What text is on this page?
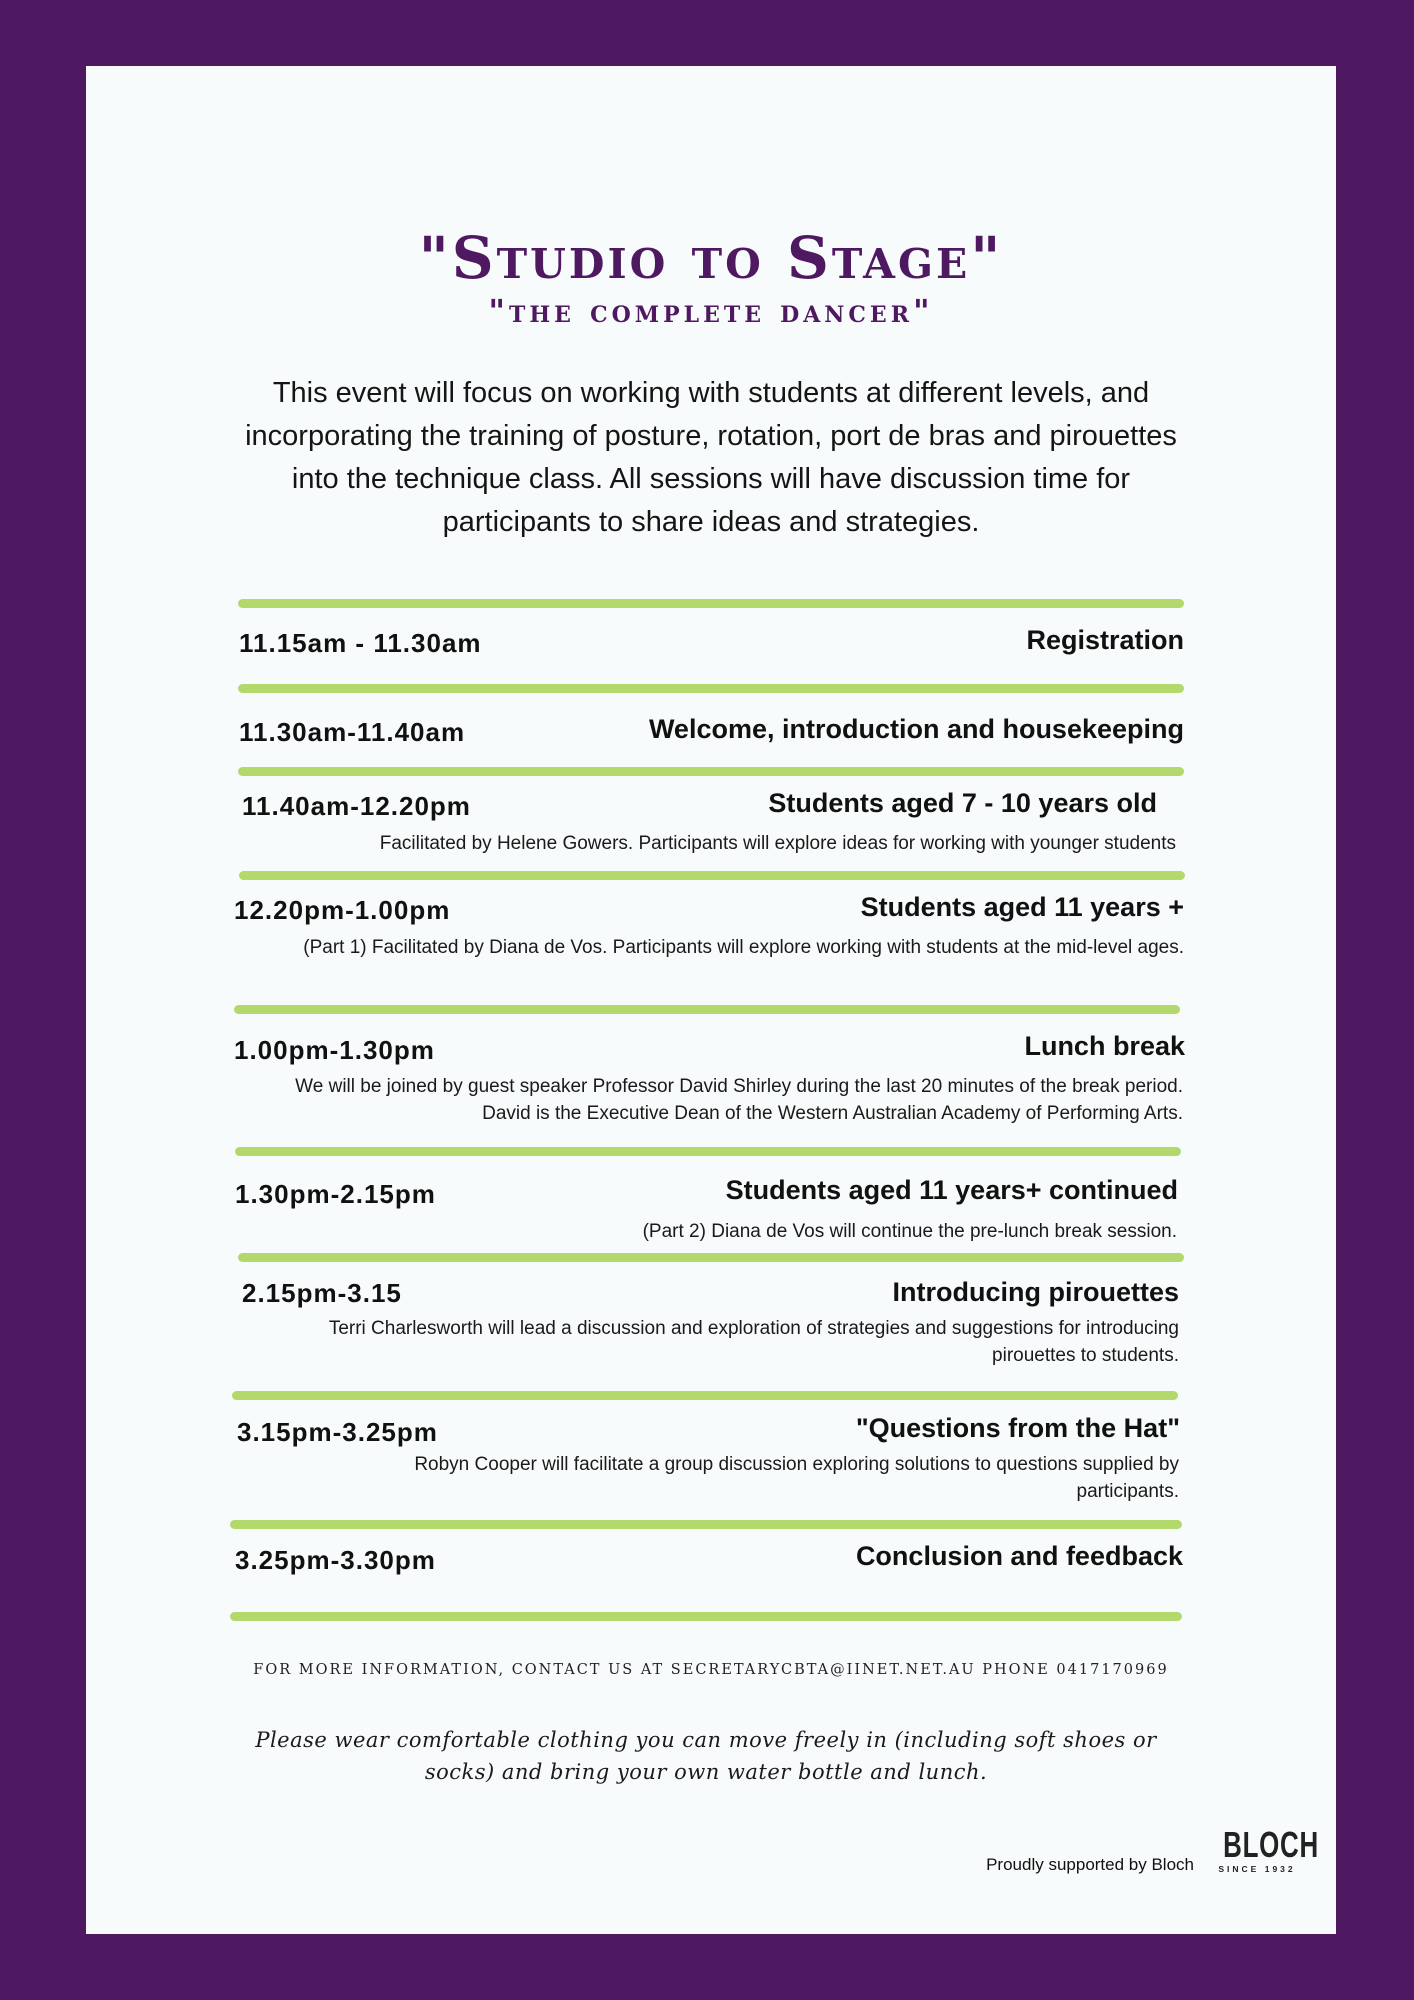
"Studio to Stage"
"the complete dancer"

This event will focus on working with students at different levels, and incorporating the training of posture, rotation, port de bras and pirouettes into the technique class. All sessions will have discussion time for participants to share ideas and strategies.

11.15am - 11.30am	Registration
11.30am-11.40am	Welcome, introduction and housekeeping
11.40am-12.20pm	Students aged 7 - 10 years old

Facilitated by Helene Gowers. Participants will explore ideas for working with younger students

12.20pm-1.00pm	Students aged 11 years +

(Part 1) Facilitated by Diana de Vos. Participants will explore working with students at the mid-level ages.

1.00pm-1.30pm	Lunch break

We will be joined by guest speaker Professor David Shirley during the last 20 minutes of the break period. David is the Executive Dean of the Western Australian Academy of Performing Arts.

1.30pm-2.15pm	Students aged 11 years+ continued

(Part 2) Diana de Vos will continue the pre-lunch break session.

2.15pm-3.15	Introducing pirouettes

Terri Charlesworth will lead a discussion and exploration of strategies and suggestions for introducing pirouettes to students.

3.15pm-3.25pm	"Questions from the Hat"

Robyn Cooper will facilitate a group discussion exploring solutions to questions supplied by participants.

3.25pm-3.30pm	Conclusion and feedback
FOR MORE INFORMATION, CONTACT US AT SECRETARYCBTA@IINET.NET.AU PHONE 0417170969

Please wear comfortable clothing you can move freely in (including soft shoes or socks) and bring your own water bottle and lunch.

Proudly supported by Bloch BLOCH
SINCE 1932
